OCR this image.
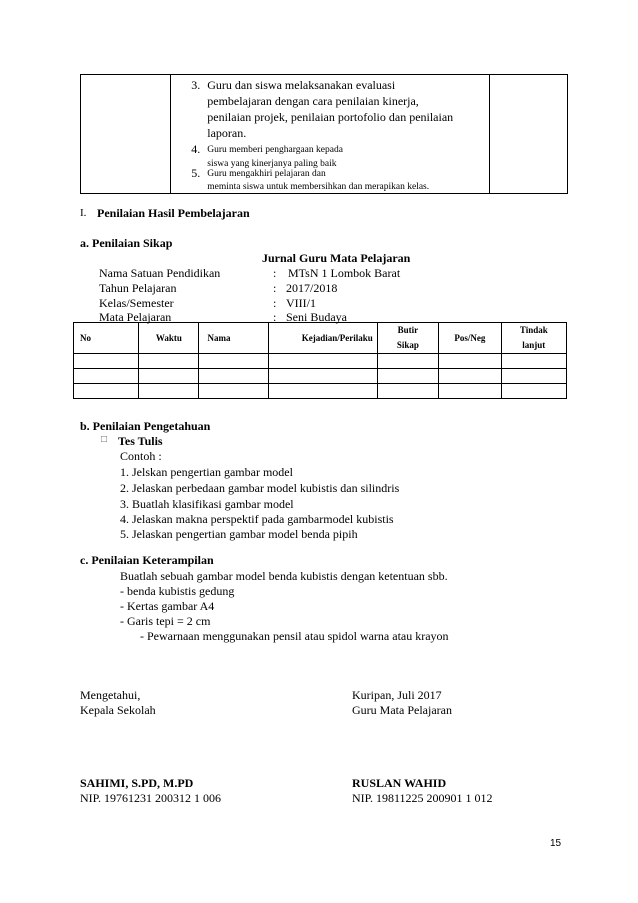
3. Guru dan siswa melaksanakan evaluasi
pembelajaran dengan cara penilaian kinerja,
penilaian projek, penilaian portofolio dan penilaian
laporan.
4. Guru memberi penghargaan kepada
siswa yang kinerjanya paling baik
5. Guru mengakhiri pelajaran dan
meminta siswa untuk membersihkan dan merapikan kelas.

I. Penilaian Hasil Pembelajaran
a. Penilaian Sikap
Jurnal Guru Mata Pelajaran
Nama Satuan Pendidikan	: MTsN 1 Lombok Barat
Tahun Pelajaran	: 2017/2018
Kelas/Semester	: VIII/1
Mata Pelajaran	: Seni Budaya
No	Waktu	Nama	Kejadian/Perilaku	Butir Sikap	Pos/Neg	Tindak lanjut

b. Penilaian Pengetahuan
□ Tes Tulis
Contoh :
1. Jelskan pengertian gambar model
2. Jelaskan perbedaan gambar model kubistis dan silindris
3. Buatlah klasifikasi gambar model
4. Jelaskan makna perspektif pada gambarmodel kubistis
5. Jelaskan pengertian gambar model benda pipih
c. Penilaian Keterampilan
Buatlah sebuah gambar model benda kubistis dengan ketentuan sbb.
- benda kubistis gedung
- Kertas gambar A4
- Garis tepi = 2 cm
- Pewarnaan menggunakan pensil atau spidol warna atau krayon
Mengetahui,
Kepala Sekolah
Kuripan, Juli 2017
Guru Mata Pelajaran
SAHIMI, S.PD, M.PD
NIP. 19761231 200312 1 006
RUSLAN WAHID
NIP. 19811225 200901 1 012
15
